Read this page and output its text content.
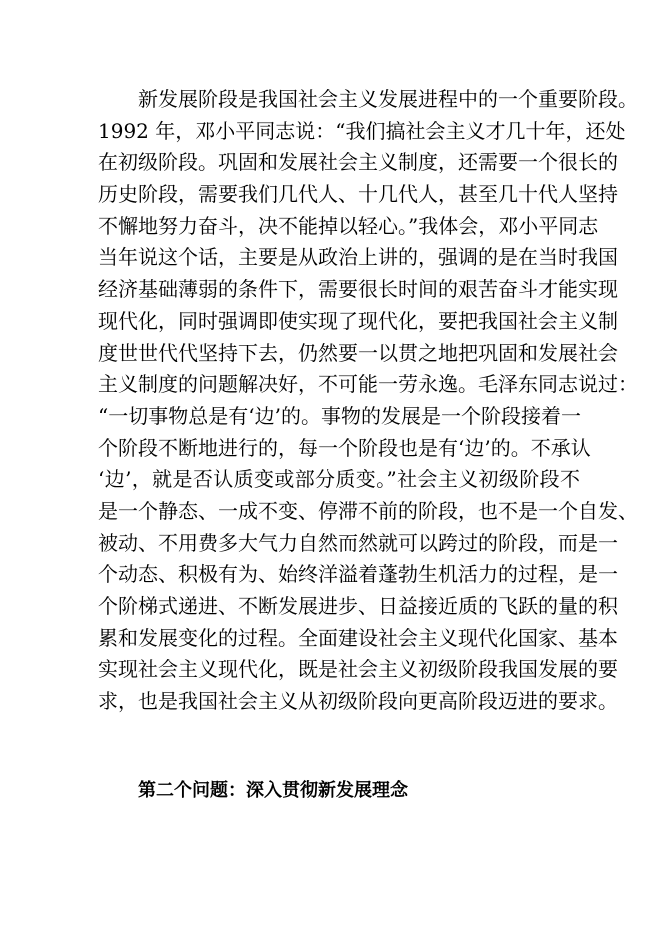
新发展阶段是我国社会主义发展进程中的一个重要阶段。
1992 年，邓小平同志说：“我们搞社会主义才几十年，还处
在初级阶段。巩固和发展社会主义制度，还需要一个很长的
历史阶段，需要我们几代人、十几代人，甚至几十代人坚持
不懈地努力奋斗，决不能掉以轻心。”我体会，邓小平同志
当年说这个话，主要是从政治上讲的，强调的是在当时我国
经济基础薄弱的条件下，需要很长时间的艰苦奋斗才能实现
现代化，同时强调即使实现了现代化，要把我国社会主义制
度世世代代坚持下去，仍然要一以贯之地把巩固和发展社会
主义制度的问题解决好，不可能一劳永逸。毛泽东同志说过：
“一切事物总是有‘边’的。事物的发展是一个阶段接着一
个阶段不断地进行的，每一个阶段也是有‘边’的。不承认
‘边’，就是否认质变或部分质变。”社会主义初级阶段不
是一个静态、一成不变、停滞不前的阶段，也不是一个自发、
被动、不用费多大气力自然而然就可以跨过的阶段，而是一
个动态、积极有为、始终洋溢着蓬勃生机活力的过程，是一
个阶梯式递进、不断发展进步、日益接近质的飞跃的量的积
累和发展变化的过程。全面建设社会主义现代化国家、基本
实现社会主义现代化，既是社会主义初级阶段我国发展的要
求，也是我国社会主义从初级阶段向更高阶段迈进的要求。
第二个问题：深入贯彻新发展理念
